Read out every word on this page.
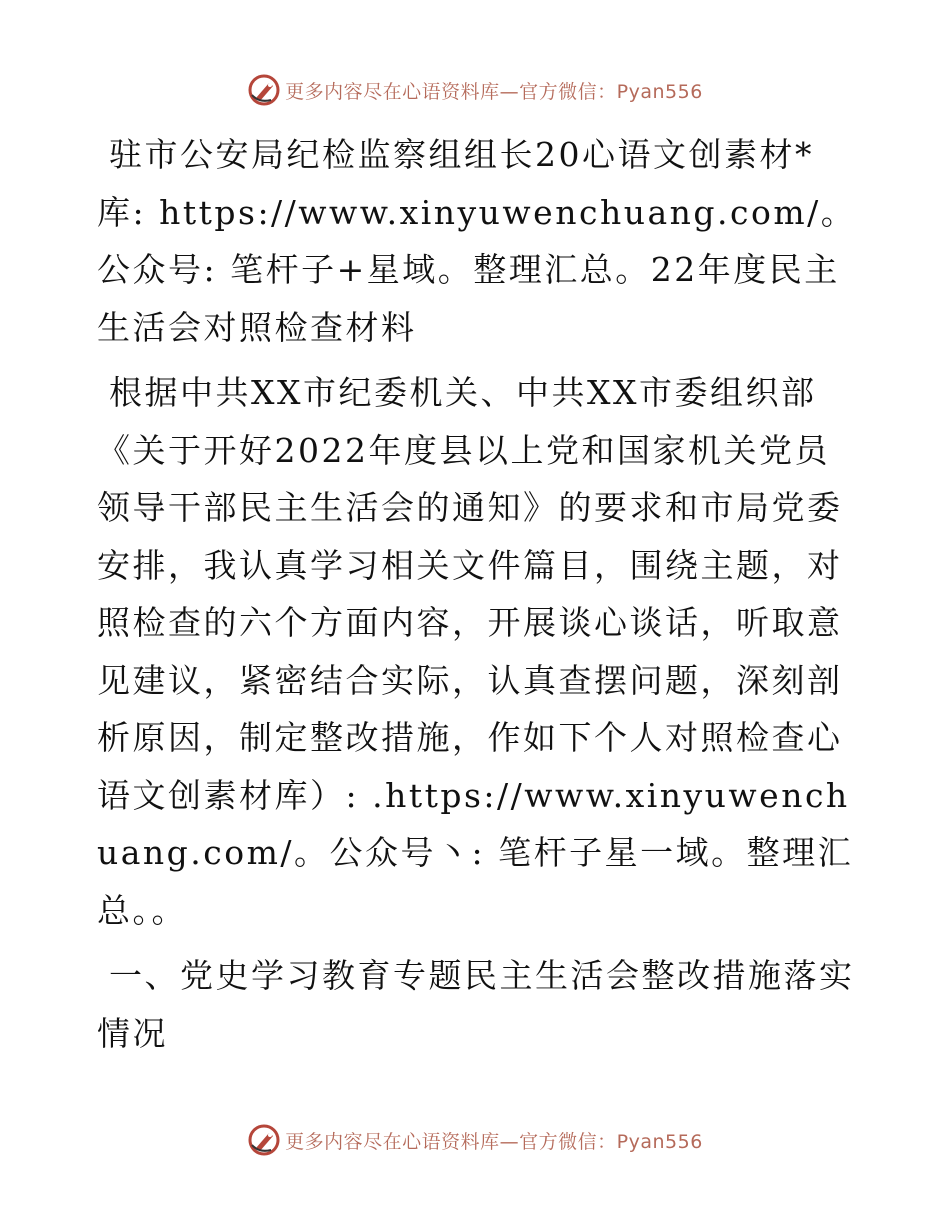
更多内容尽在心语资料库—官方微信：Pyan556

驻市公安局纪检监察组组长20心语文创素材*库: https://www.xinyuwenchuang.com/。公众号: 笔杆子+星域。整理汇总。22年度民主生活会对照检查材料

根据中共XX市纪委机关、中共XX市委组织部《关于开好2022年度县以上党和国家机关党员领导干部民主生活会的通知》的要求和市局党委安排，我认真学习相关文件篇目，围绕主题，对照检查的六个方面内容，开展谈心谈话，听取意见建议，紧密结合实际，认真查摆问题，深刻剖析原因，制定整改措施，作如下个人对照检查心语文创素材库）: .https://www.xinyuwenchuang.com/。公众号丶: 笔杆子星一域。整理汇总。。

一、党史学习教育专题民主生活会整改措施落实情况

更多内容尽在心语资料库—官方微信：Pyan556
